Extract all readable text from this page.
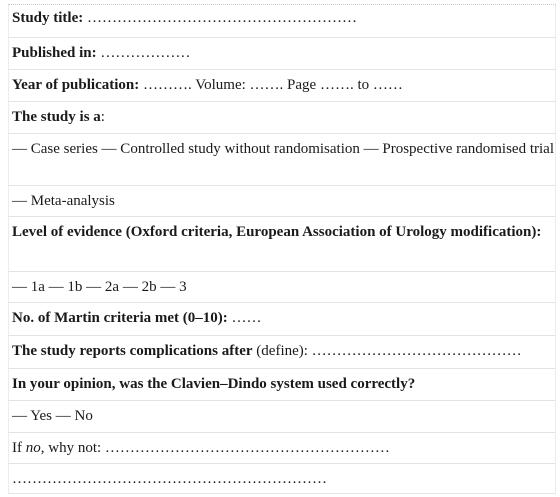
Study title: ………………………………………………
Published in: ………………
Year of publication: ………. Volume: ……. Page ……. to ……
The study is a:
— Case series — Controlled study without randomisation — Prospective randomised trial
— Meta-analysis
Level of evidence (Oxford criteria, European Association of Urology modification):
— 1a — 1b — 2a — 2b — 3
No. of Martin criteria met (0–10): ……
The study reports complications after (define): ……………………………………
In your opinion, was the Clavien–Dindo system used correctly?
— Yes — No
If no, why not: …………………………………………………
………………………………………………………
